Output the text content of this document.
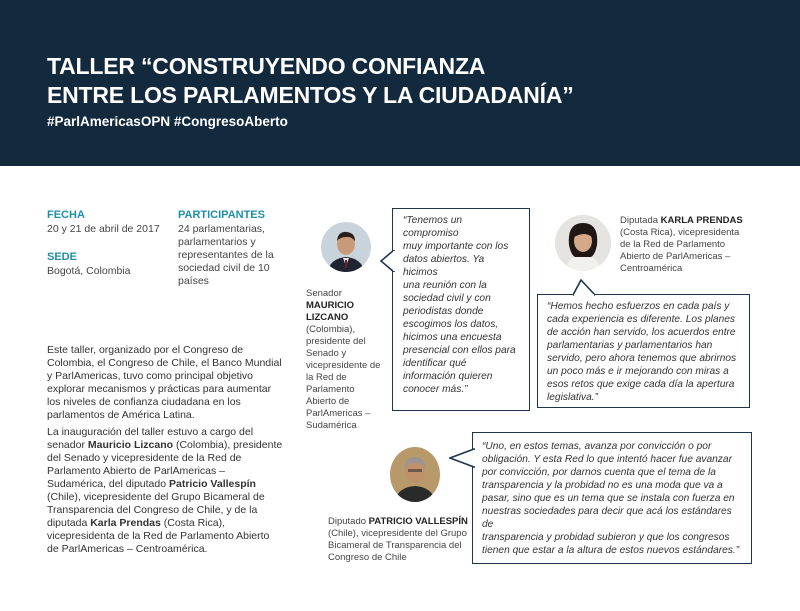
TALLER “CONSTRUYENDO CONFIANZA
ENTRE LOS PARLAMENTOS Y LA CIUDADANÍA”
#ParlAmericasOPN #CongresoAberto
FECHA
20 y 21 de abril de 2017
SEDE
Bogotá, Colombia
PARTICIPANTES
24 parlamentarias,
parlamentarios y
representantes de la
sociedad civil de 10
países
Este taller, organizado por el Congreso de
Colombia, el Congreso de Chile, el Banco Mundial
y ParlAmericas, tuvo como principal objetivo
explorar mecanismos y prácticas para aumentar
los niveles de confianza ciudadana en los
parlamentos de América Latina.
La inauguración del taller estuvo a cargo del
senador Mauricio Lizcano (Colombia), presidente
del Senado y vicepresidente de la Red de
Parlamento Abierto de ParlAmericas –
Sudamérica, del diputado Patricio Vallespín
(Chile), vicepresidente del Grupo Bicameral de
Transparencia del Congreso de Chile, y de la
diputada Karla Prendas (Costa Rica),
vicepresidenta de la Red de Parlamento Abierto
de ParlAmericas – Centroamérica.
Senador
MAURICIO
LIZCANO
(Colombia),
presidente del
Senado y
vicepresidente de
la Red de
Parlamento
Abierto de
ParlAmericas –
Sudamérica
“Tenemos un compromiso
muy importante con los
datos abiertos. Ya hicimos
una reunión con la
sociedad civil y con
periodistas donde
escogimos los datos,
hicimos una encuesta
presencial con ellos para
identificar qué
información quieren
conocer más.”
Diputada KARLA PRENDAS
(Costa Rica), vicepresidenta
de la Red de Parlamento
Abierto de ParlAmericas –
Centroamérica
“Hemos hecho esfuerzos en cada país y
cada experiencia es diferente. Los planes
de acción han servido, los acuerdos entre
parlamentarias y parlamentarios han
servido, pero ahora tenemos que abrirnos
un poco más e ir mejorando con miras a
esos retos que exige cada día la apertura
legislativa.”
Diputado PATRICIO VALLESPÍN
(Chile), vicepresidente del Grupo
Bicameral de Transparencia del
Congreso de Chile
“Uno, en estos temas, avanza por convicción o por
obligación. Y esta Red lo que intentó hacer fue avanzar
por convicción, por darnos cuenta que el tema de la
transparencia y la probidad no es una moda que va a
pasar, sino que es un tema que se instala con fuerza en
nuestras sociedades para decir que acá los estándares de
transparencia y probidad subieron y que los congresos
tienen que estar a la altura de estos nuevos estándares.”
